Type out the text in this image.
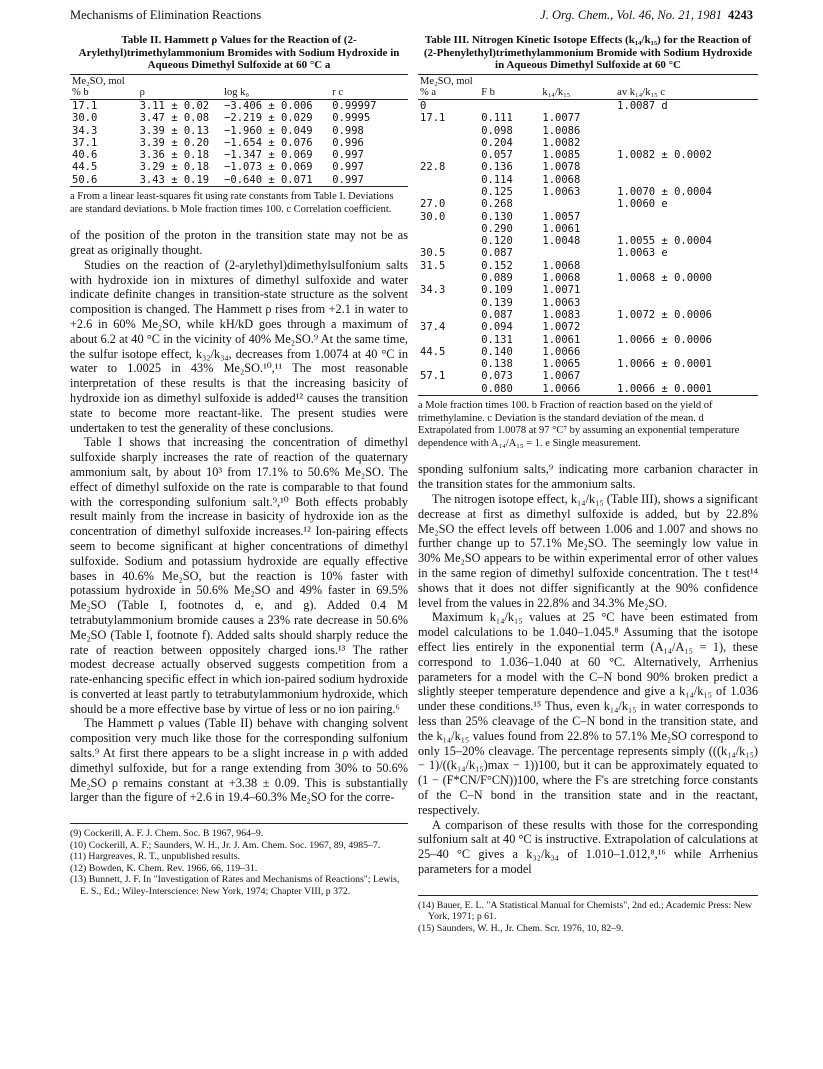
Mechanisms of Elimination Reactions	J. Org. Chem., Vol. 46, No. 21, 1981 4243
Table II. Hammett ρ Values for the Reaction of (2-Arylethyl)trimethylammonium Bromides with Sodium Hydroxide in Aqueous Dimethyl Sulfoxide at 60 °C a
Me₂SO, mol % b	ρ	log k₀	r c
17.1	3.11 ± 0.02	−3.406 ± 0.006	0.99997
30.0	3.47 ± 0.08	−2.219 ± 0.029	0.9995
34.3	3.39 ± 0.13	−1.960 ± 0.049	0.998
37.1	3.39 ± 0.20	−1.654 ± 0.076	0.996
40.6	3.36 ± 0.18	−1.347 ± 0.069	0.997
44.5	3.29 ± 0.18	−1.073 ± 0.069	0.997
50.6	3.43 ± 0.19	−0.640 ± 0.071	0.997
a From a linear least-squares fit using rate constants from Table I. Deviations are standard deviations. b Mole fraction times 100. c Correlation coefficient.

of the position of the proton in the transition state may not be as great as originally thought.

Studies on the reaction of (2-arylethyl)dimethylsulfonium salts with hydroxide ion in mixtures of dimethyl sulfoxide and water indicate definite changes in transition-state structure as the solvent composition is changed. The Hammett ρ rises from +2.1 in water to +2.6 in 60% Me₂SO, while kH/kD goes through a maximum of about 6.2 at 40 °C in the vicinity of 40% Me₂SO.⁹ At the same time, the sulfur isotope effect, k₃₂/k₃₄, decreases from 1.0074 at 40 °C in water to 1.0025 in 43% Me₂SO.¹⁰,¹¹ The most reasonable interpretation of these results is that the increasing basicity of hydroxide ion as dimethyl sulfoxide is added¹² causes the transition state to become more reactant-like. The present studies were undertaken to test the generality of these conclusions.

Table I shows that increasing the concentration of dimethyl sulfoxide sharply increases the rate of reaction of the quaternary ammonium salt, by about 10³ from 17.1% to 50.6% Me₂SO. The effect of dimethyl sulfoxide on the rate is comparable to that found with the corresponding sulfonium salt.⁹,¹⁰ Both effects probably result mainly from the increase in basicity of hydroxide ion as the concentration of dimethyl sulfoxide increases.¹² Ion-pairing effects seem to become significant at higher concentrations of dimethyl sulfoxide. Sodium and potassium hydroxide are equally effective bases in 40.6% Me₂SO, but the reaction is 10% faster with potassium hydroxide in 50.6% Me₂SO and 49% faster in 69.5% Me₂SO (Table I, footnotes d, e, and g). Added 0.4 M tetrabutylammonium bromide causes a 23% rate decrease in 50.6% Me₂SO (Table I, footnote f). Added salts should sharply reduce the rate of reaction between oppositely charged ions.¹³ The rather modest decrease actually observed suggests competition from a rate-enhancing specific effect in which ion-paired sodium hydroxide is converted at least partly to tetrabutylammonium hydroxide, which should be a more effective base by virtue of less or no ion pairing.⁶

The Hammett ρ values (Table II) behave with changing solvent composition very much like those for the corresponding sulfonium salts.⁹ At first there appears to be a slight increase in ρ with added dimethyl sulfoxide, but for a range extending from 30% to 50.6% Me₂SO ρ remains constant at +3.38 ± 0.09. This is substantially larger than the figure of +2.6 in 19.4–60.3% Me₂SO for the corre-

(9) Cockerill, A. F. J. Chem. Soc. B 1967, 964–9.
(10) Cockerill, A. F.; Saunders, W. H., Jr. J. Am. Chem. Soc. 1967, 89, 4985–7.
(11) Hargreaves, R. T., unpublished results.
(12) Bowden, K. Chem. Rev. 1966, 66, 119–31.
(13) Bunnett, J. F. In "Investigation of Rates and Mechanisms of Reactions"; Lewis, E. S., Ed.; Wiley-Interscience: New York, 1974; Chapter VIII, p 372.
Table III. Nitrogen Kinetic Isotope Effects (k₁₄/k₁₅) for the Reaction of (2-Phenylethyl)trimethylammonium Bromide with Sodium Hydroxide in Aqueous Dimethyl Sulfoxide at 60 °C
Me₂SO, mol % a	F b	k₁₄/k₁₅	av k₁₄/k₁₅ c
0			1.0087 d
17.1	0.111	1.0077	
	0.098	1.0086	
	0.204	1.0082	
	0.057	1.0085	1.0082 ± 0.0002
22.8	0.136	1.0078	
	0.114	1.0068	
	0.125	1.0063	1.0070 ± 0.0004
27.0	0.268		1.0060 e
30.0	0.130	1.0057	
	0.290	1.0061	
	0.120	1.0048	1.0055 ± 0.0004
30.5	0.087		1.0063 e
31.5	0.152	1.0068	
	0.089	1.0068	1.0068 ± 0.0000
34.3	0.109	1.0071	
	0.139	1.0063	
	0.087	1.0083	1.0072 ± 0.0006
37.4	0.094	1.0072	
	0.131	1.0061	1.0066 ± 0.0006
44.5	0.140	1.0066	
	0.138	1.0065	1.0066 ± 0.0001
57.1	0.073	1.0067	
	0.080	1.0066	1.0066 ± 0.0001
a Mole fraction times 100. b Fraction of reaction based on the yield of trimethylamine. c Deviation is the standard deviation of the mean. d Extrapolated from 1.0078 at 97 °C⁷ by assuming an exponential temperature dependence with A₁₄/A₁₅ = 1. e Single measurement.

sponding sulfonium salts,⁹ indicating more carbanion character in the transition states for the ammonium salts.

The nitrogen isotope effect, k₁₄/k₁₅ (Table III), shows a significant decrease at first as dimethyl sulfoxide is added, but by 22.8% Me₂SO the effect levels off between 1.006 and 1.007 and shows no further change up to 57.1% Me₂SO. The seemingly low value in 30% Me₂SO appears to be within experimental error of other values in the same region of dimethyl sulfoxide concentration. The t test¹⁴ shows that it does not differ significantly at the 90% confidence level from the values in 22.8% and 34.3% Me₂SO.

Maximum k₁₄/k₁₅ values at 25 °C have been estimated from model calculations to be 1.040–1.045.⁸ Assuming that the isotope effect lies entirely in the exponential term (A₁₄/A₁₅ = 1), these correspond to 1.036–1.040 at 60 °C. Alternatively, Arrhenius parameters for a model with the C–N bond 90% broken predict a slightly steeper temperature dependence and give a k₁₄/k₁₅ of 1.036 under these conditions.¹⁵ Thus, even k₁₄/k₁₅ in water corresponds to less than 25% cleavage of the C–N bond in the transition state, and the k₁₄/k₁₅ values found from 22.8% to 57.1% Me₂SO correspond to only 15–20% cleavage. The percentage represents simply (((k₁₄/k₁₅) − 1)/((k₁₄/k₁₅)max − 1))100, but it can be approximately equated to (1 − (F*CN/F°CN))100, where the F's are stretching force constants of the C–N bond in the transition state and in the reactant, respectively.

A comparison of these results with those for the corresponding sulfonium salt at 40 °C is instructive. Extrapolation of calculations at 25–40 °C gives a k₃₂/k₃₄ of 1.010–1.012,⁸,¹⁶ while Arrhenius parameters for a model

(14) Bauer, E. L. "A Statistical Manual for Chemists", 2nd ed.; Academic Press: New York, 1971; p 61.
(15) Saunders, W. H., Jr. Chem. Scr. 1976, 10, 82–9.
